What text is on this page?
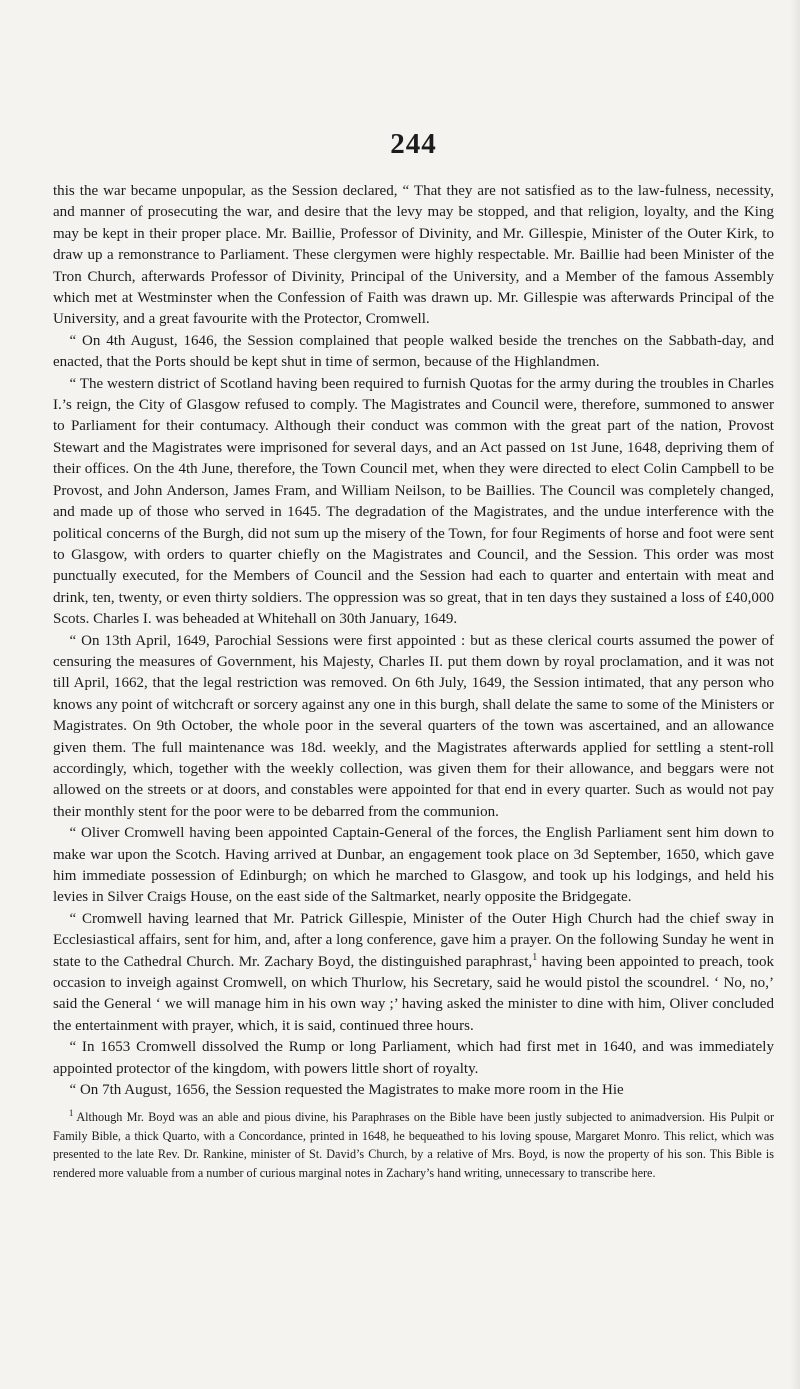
244

this the war became unpopular, as the Session declared, “ That they are not satisfied as to the law-fulness, necessity, and manner of prosecuting the war, and desire that the levy may be stopped, and that religion, loyalty, and the King may be kept in their proper place. Mr. Baillie, Professor of Divinity, and Mr. Gillespie, Minister of the Outer Kirk, to draw up a remonstrance to Parliament. These clergymen were highly respectable. Mr. Baillie had been Minister of the Tron Church, afterwards Professor of Divinity, Principal of the University, and a Member of the famous Assembly which met at Westminster when the Confession of Faith was drawn up. Mr. Gillespie was afterwards Principal of the University, and a great favourite with the Protector, Cromwell.

“ On 4th August, 1646, the Session complained that people walked beside the trenches on the Sabbath-day, and enacted, that the Ports should be kept shut in time of sermon, because of the Highlandmen.

“ The western district of Scotland having been required to furnish Quotas for the army during the troubles in Charles I.’s reign, the City of Glasgow refused to comply. The Magistrates and Council were, therefore, summoned to answer to Parliament for their contumacy. Although their conduct was common with the great part of the nation, Provost Stewart and the Magistrates were imprisoned for several days, and an Act passed on 1st June, 1648, depriving them of their offices. On the 4th June, therefore, the Town Council met, when they were directed to elect Colin Campbell to be Provost, and John Anderson, James Fram, and William Neilson, to be Baillies. The Council was completely changed, and made up of those who served in 1645. The degradation of the Magistrates, and the undue interference with the political concerns of the Burgh, did not sum up the misery of the Town, for four Regiments of horse and foot were sent to Glasgow, with orders to quarter chiefly on the Magistrates and Council, and the Session. This order was most punctually executed, for the Members of Council and the Session had each to quarter and entertain with meat and drink, ten, twenty, or even thirty soldiers. The oppression was so great, that in ten days they sustained a loss of £40,000 Scots. Charles I. was beheaded at Whitehall on 30th January, 1649.

“ On 13th April, 1649, Parochial Sessions were first appointed : but as these clerical courts assumed the power of censuring the measures of Government, his Majesty, Charles II. put them down by royal proclamation, and it was not till April, 1662, that the legal restriction was removed. On 6th July, 1649, the Session intimated, that any person who knows any point of witchcraft or sorcery against any one in this burgh, shall delate the same to some of the Ministers or Magistrates. On 9th October, the whole poor in the several quarters of the town was ascertained, and an allowance given them. The full maintenance was 18d. weekly, and the Magistrates afterwards applied for settling a stent-roll accordingly, which, together with the weekly collection, was given them for their allowance, and beggars were not allowed on the streets or at doors, and constables were appointed for that end in every quarter. Such as would not pay their monthly stent for the poor were to be debarred from the communion.

“ Oliver Cromwell having been appointed Captain-General of the forces, the English Parliament sent him down to make war upon the Scotch. Having arrived at Dunbar, an engagement took place on 3d September, 1650, which gave him immediate possession of Edinburgh; on which he marched to Glasgow, and took up his lodgings, and held his levies in Silver Craigs House, on the east side of the Saltmarket, nearly opposite the Bridgegate.

“ Cromwell having learned that Mr. Patrick Gillespie, Minister of the Outer High Church had the chief sway in Ecclesiastical affairs, sent for him, and, after a long conference, gave him a prayer. On the following Sunday he went in state to the Cathedral Church. Mr. Zachary Boyd, the distinguished paraphrast,$^1$ having been appointed to preach, took occasion to inveigh against Cromwell, on which Thurlow, his Secretary, said he would pistol the scoundrel. ‘ No, no,’ said the General ‘ we will manage him in his own way ;’ having asked the minister to dine with him, Oliver concluded the entertainment with prayer, which, it is said, continued three hours.

“ In 1653 Cromwell dissolved the Rump or long Parliament, which had first met in 1640, and was immediately appointed protector of the kingdom, with powers little short of royalty.

“ On 7th August, 1656, the Session requested the Magistrates to make more room in the Hie

$^1$ Although Mr. Boyd was an able and pious divine, his Paraphrases on the Bible have been justly subjected to animadversion. His Pulpit or Family Bible, a thick Quarto, with a Concordance, printed in 1648, he bequeathed to his loving spouse, Margaret Monro. This relict, which was presented to the late Rev. Dr. Rankine, minister of St. David’s Church, by a relative of Mrs. Boyd, is now the property of his son. This Bible is rendered more valuable from a number of curious marginal notes in Zachary’s hand writing, unnecessary to transcribe here.
